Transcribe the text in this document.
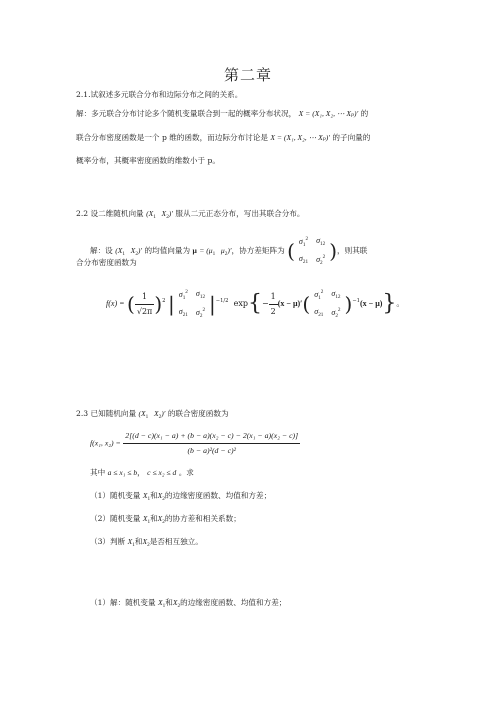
第二章
2.1.试叙述多元联合分布和边际分布之间的关系。
解：多元联合分布讨论多个随机变量联合到一起的概率分布状况， X = (X₁, X₂, ⋯ Xₚ)′ 的
联合分布密度函数是一个 p 维的函数，而边际分布讨论是 X = (X₁, X₂, ⋯ Xₚ)′ 的子向量的
概率分布，其概率密度函数的维数小于 p。
2.2 设二维随机向量 ($X_1$   $X_2)'$ 服从二元正态分布，写出其联合分布。
解：设 ($X_1$   $X_2)'$ 的均值向量为 $\mu = (\mu_1$   $\mu_2)'$，协方差矩阵为 ( $\sigma_1^2$	$\sigma_{12}$
$\sigma_{21}$	$\sigma_2^2$ )，则其联
合分布密度函数为
f(x) = ( $\frac{1}{√2\pi} )^2$ | $\sigma_1^2$	$\sigma_{12}$
$\sigma_{21}$	$\sigma_2^2$ $|^{-1/2}$ $\exp\{- \frac{1}{2} (x - \mu)'$( $\sigma_1^2$	$\sigma_{12}$
$\sigma_{21}$	$\sigma_2^2$ )$^{-1}$(x − μ)}。
2.3 已知随机向量 ($X_1$   $X_2)'$ 的联合密度函数为
f(x₁, $x_2) = \frac{\text{2[(d − c)(x₁ − a) + (b − a)(x₂ − c) − 2(x₁ − a)(x₂ − c)]}}{\text{(b − a)²(d − c)²}}$
其中 a ≤ x₁ ≤ b， c ≤ x₂ ≤ d 。求
（1）随机变量 $X_1$和$X_2$的边缘密度函数、均值和方差；
（2）随机变量 $X_1$和$X_2$的协方差和相关系数；
（3）判断 $X_1$和$X_2$是否相互独立。
（1）解：随机变量 $X_1$和$X_2$的边缘密度函数、均值和方差；
